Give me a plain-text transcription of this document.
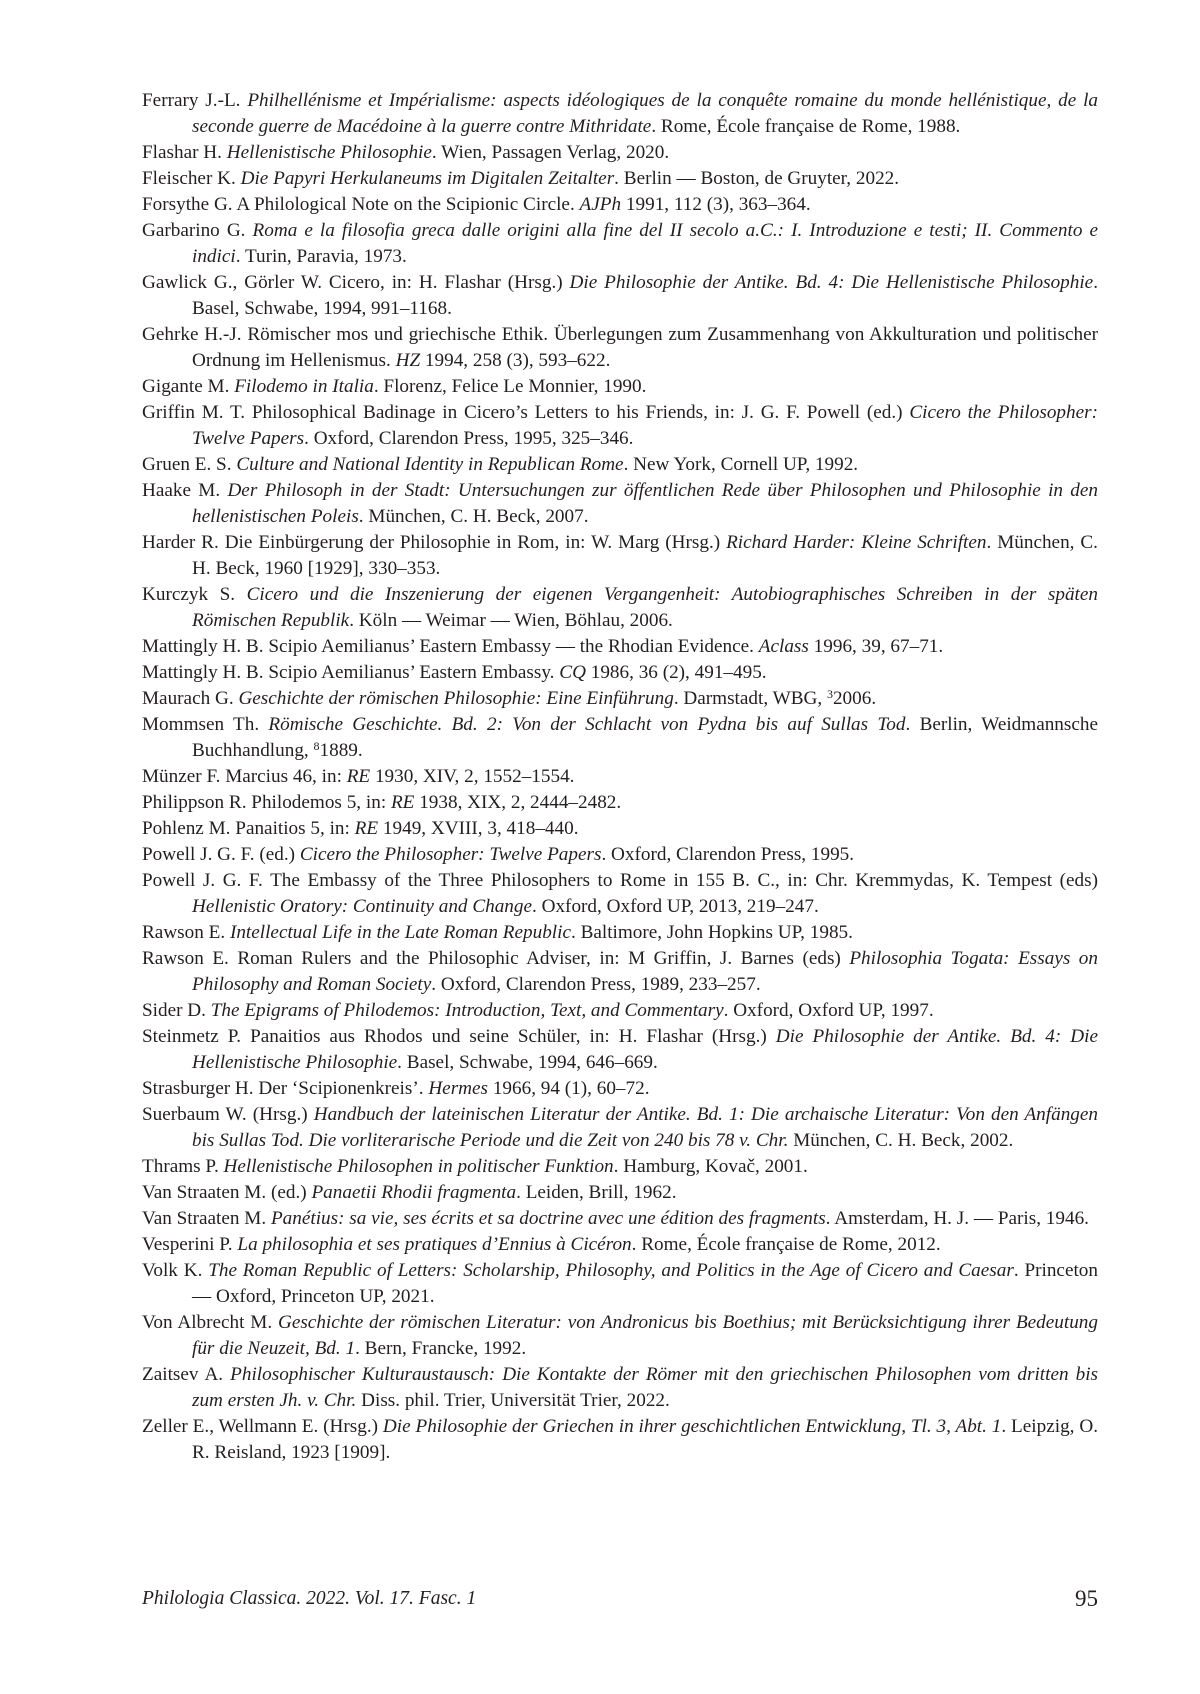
Ferrary J.-L. Philhellénisme et Impérialisme: aspects idéologiques de la conquête romaine du monde hellénistique, de la seconde guerre de Macédoine à la guerre contre Mithridate. Rome, École française de Rome, 1988.
Flashar H. Hellenistische Philosophie. Wien, Passagen Verlag, 2020.
Fleischer K. Die Papyri Herkulaneums im Digitalen Zeitalter. Berlin — Boston, de Gruyter, 2022.
Forsythe G. A Philological Note on the Scipionic Circle. AJPh 1991, 112 (3), 363–364.
Garbarino G. Roma e la filosofia greca dalle origini alla fine del II secolo a.C.: I. Introduzione e testi; II. Commento e indici. Turin, Paravia, 1973.
Gawlick G., Görler W. Cicero, in: H. Flashar (Hrsg.) Die Philosophie der Antike. Bd. 4: Die Hellenistische Philosophie. Basel, Schwabe, 1994, 991–1168.
Gehrke H.-J. Römischer mos und griechische Ethik. Überlegungen zum Zusammenhang von Akkulturation und politischer Ordnung im Hellenismus. HZ 1994, 258 (3), 593–622.
Gigante M. Filodemo in Italia. Florenz, Felice Le Monnier, 1990.
Griffin M. T. Philosophical Badinage in Cicero’s Letters to his Friends, in: J. G. F. Powell (ed.) Cicero the Philosopher: Twelve Papers. Oxford, Clarendon Press, 1995, 325–346.
Gruen E. S. Culture and National Identity in Republican Rome. New York, Cornell UP, 1992.
Haake M. Der Philosoph in der Stadt: Untersuchungen zur öffentlichen Rede über Philosophen und Philosophie in den hellenistischen Poleis. München, C. H. Beck, 2007.
Harder R. Die Einbürgerung der Philosophie in Rom, in: W. Marg (Hrsg.) Richard Harder: Kleine Schriften. München, C. H. Beck, 1960 [1929], 330–353.
Kurczyk S. Cicero und die Inszenierung der eigenen Vergangenheit: Autobiographisches Schreiben in der späten Römischen Republik. Köln — Weimar — Wien, Böhlau, 2006.
Mattingly H. B. Scipio Aemilianus’ Eastern Embassy — the Rhodian Evidence. Aclass 1996, 39, 67–71.
Mattingly H. B. Scipio Aemilianus’ Eastern Embassy. CQ 1986, 36 (2), 491–495.
Maurach G. Geschichte der römischen Philosophie: Eine Einführung. Darmstadt, WBG, $^3$2006.
Mommsen Th. Römische Geschichte. Bd. 2: Von der Schlacht von Pydna bis auf Sullas Tod. Berlin, Weidmannsche Buchhandlung, $^8$1889.
Münzer F. Marcius 46, in: RE 1930, XIV, 2, 1552–1554.
Philippson R. Philodemos 5, in: RE 1938, XIX, 2, 2444–2482.
Pohlenz M. Panaitios 5, in: RE 1949, XVIII, 3, 418–440.
Powell J. G. F. (ed.) Cicero the Philosopher: Twelve Papers. Oxford, Clarendon Press, 1995.
Powell J. G. F. The Embassy of the Three Philosophers to Rome in 155 B. C., in: Chr. Kremmydas, K. Tempest (eds) Hellenistic Oratory: Continuity and Change. Oxford, Oxford UP, 2013, 219–247.
Rawson E. Intellectual Life in the Late Roman Republic. Baltimore, John Hopkins UP, 1985.
Rawson E. Roman Rulers and the Philosophic Adviser, in: M Griffin, J. Barnes (eds) Philosophia Togata: Essays on Philosophy and Roman Society. Oxford, Clarendon Press, 1989, 233–257.
Sider D. The Epigrams of Philodemos: Introduction, Text, and Commentary. Oxford, Oxford UP, 1997.
Steinmetz P. Panaitios aus Rhodos und seine Schüler, in: H. Flashar (Hrsg.) Die Philosophie der Antike. Bd. 4: Die Hellenistische Philosophie. Basel, Schwabe, 1994, 646–669.
Strasburger H. Der ‘Scipionenkreis’. Hermes 1966, 94 (1), 60–72.
Suerbaum W. (Hrsg.) Handbuch der lateinischen Literatur der Antike. Bd. 1: Die archaische Literatur: Von den Anfängen bis Sullas Tod. Die vorliterarische Periode und die Zeit von 240 bis 78 v. Chr. München, C. H. Beck, 2002.
Thrams P. Hellenistische Philosophen in politischer Funktion. Hamburg, Kovač, 2001.
Van Straaten M. (ed.) Panaetii Rhodii fragmenta. Leiden, Brill, 1962.
Van Straaten M. Panétius: sa vie, ses écrits et sa doctrine avec une édition des fragments. Amsterdam, H. J. — Paris, 1946.
Vesperini P. La philosophia et ses pratiques d’Ennius à Cicéron. Rome, École française de Rome, 2012.
Volk K. The Roman Republic of Letters: Scholarship, Philosophy, and Politics in the Age of Cicero and Caesar. Princeton — Oxford, Princeton UP, 2021.
Von Albrecht M. Geschichte der römischen Literatur: von Andronicus bis Boethius; mit Berücksichtigung ihrer Bedeutung für die Neuzeit, Bd. 1. Bern, Francke, 1992.
Zaitsev A. Philosophischer Kulturaustausch: Die Kontakte der Römer mit den griechischen Philosophen vom dritten bis zum ersten Jh. v. Chr. Diss. phil. Trier, Universität Trier, 2022.
Zeller E., Wellmann E. (Hrsg.) Die Philosophie der Griechen in ihrer geschichtlichen Entwicklung, Tl. 3, Abt. 1. Leipzig, O. R. Reisland, 1923 [1909].
Philologia Classica. 2022. Vol. 17. Fasc. 1	95
